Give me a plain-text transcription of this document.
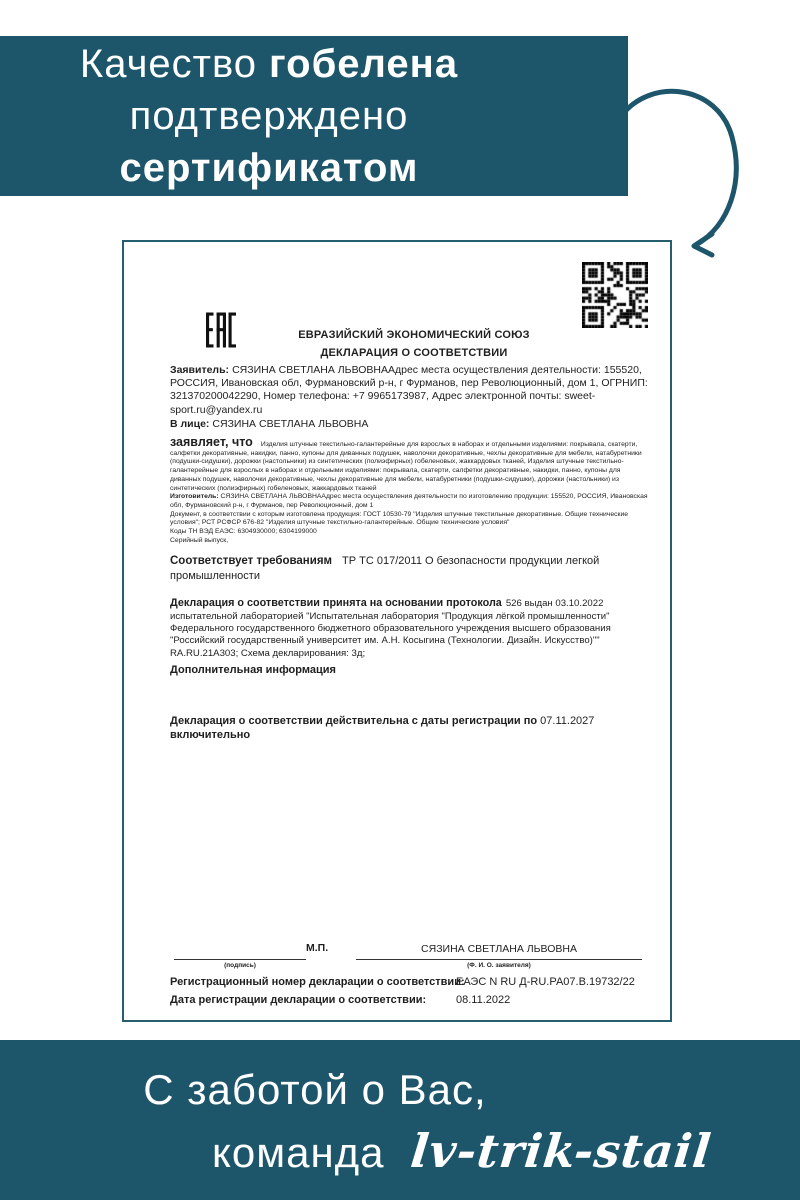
Качество гобелена
подтверждено
сертификатом
ЕВРАЗИЙСКИЙ ЭКОНОМИЧЕСКИЙ СОЮЗ
ДЕКЛАРАЦИЯ О СООТВЕТСТВИИ

Заявитель: СЯЗИНА СВЕТЛАНА ЛЬВОВНААдрес места осуществления деятельности: 155520, РОССИЯ, Ивановская обл, Фурмановский р-н, г Фурманов, пер Революционный, дом 1, ОГРНИП: 321370200042290, Номер телефона: +7 9965173987, Адрес электронной почты: sweet-sport.ru@yandex.ru

В лице: СЯЗИНА СВЕТЛАНА ЛЬВОВНА

заявляет, что Изделия штучные текстильно-галантерейные для взрослых в наборах и отдельными изделиями: покрывала, скатерти, салфетки декоративные, накидки, панно, купоны для диванных подушек, наволочки декоративные, чехлы декоративные для мебели, натабуретники (подушки-сидушки), дорожки (настольники) из синтетических (полиэфирных) гобеленовых, жаккардовых тканей, Изделия штучные текстильно-галантерейные для взрослых в наборах и отдельными изделиями: покрывала, скатерти, салфетки декоративные, накидки, панно, купоны для диванных подушек, наволочки декоративные, чехлы декоративные для мебели, натабуретники (подушки-сидушки), дорожки (настольники) из синтетических (полиэфирных) гобеленовых, жаккардовых тканей

Изготовитель: СЯЗИНА СВЕТЛАНА ЛЬВОВНААдрес места осуществления деятельности по изготовлению продукции: 155520, РОССИЯ, Ивановская обл, Фурмановский р-н, г Фурманов, пер Революционный, дом 1

Документ, в соответствии с которым изготовлена продукция: ГОСТ 10530-79 "Изделия штучные текстильные декоративные. Общие технические условия"; РСТ РСФСР 676-82 "Изделия штучные текстильно-галантерейные. Общие технические условия"

Коды ТН ВЭД ЕАЭС: 6304930000; 6304199000

Серийный выпуск,

Соответствует требованиям ТР ТС 017/2011 О безопасности продукции легкой промышленности

Декларация о соответствии принята на основании протокола 526 выдан 03.10.2022 испытательной лабораторией "Испытательная лаборатория "Продукция лёгкой промышленности" Федерального государственного бюджетного образовательного учреждения высшего образования "Российский государственный университет им. А.Н. Косыгина (Технологии. Дизайн. Искусство)"" RA.RU.21А303; Схема декларирования: 3д;

Дополнительная информация

Декларация о соответствии действительна с даты регистрации по 07.11.2027 включительно

М.П.	СЯЗИНА СВЕТЛАНА ЛЬВОВНА
(подпись)	(Ф. И. О. заявителя)
Регистрационный номер декларации о соответствии:
ЕАЭС N RU Д-RU.РА07.В.19732/22
Дата регистрации декларации о соответствии:	08.11.2022
С заботой о Вас,
команда lv-trik-stail
